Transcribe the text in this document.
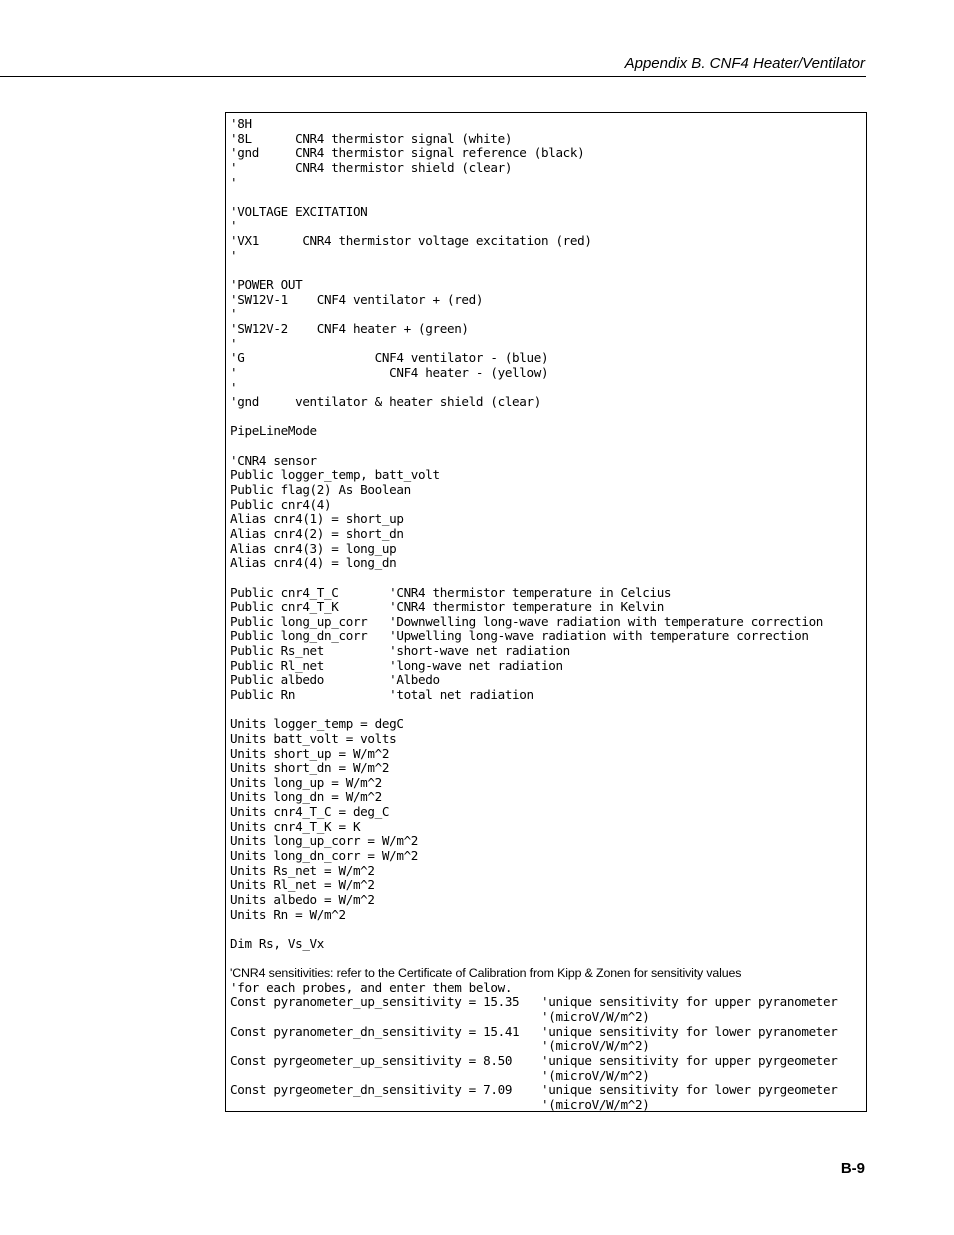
Appendix B. CNF4 Heater/Ventilator
'8H
'8L      CNR4 thermistor signal (white)
'gnd     CNR4 thermistor signal reference (black)
'        CNR4 thermistor shield (clear)
'
'VOLTAGE EXCITATION
'
'VX1      CNR4 thermistor voltage excitation (red)
'
'POWER OUT
'SW12V-1    CNF4 ventilator + (red)
'
'SW12V-2    CNF4 heater + (green)
'
'G                  CNF4 ventilator - (blue)
'                     CNF4 heater - (yellow)
'
'gnd     ventilator & heater shield (clear)
PipeLineMode
'CNR4 sensor
Public logger_temp, batt_volt
Public flag(2) As Boolean
Public cnr4(4)
Alias cnr4(1) = short_up
Alias cnr4(2) = short_dn
Alias cnr4(3) = long_up
Alias cnr4(4) = long_dn
Public cnr4_T_C       'CNR4 thermistor temperature in Celcius
Public cnr4_T_K       'CNR4 thermistor temperature in Kelvin
Public long_up_corr   'Downwelling long-wave radiation with temperature correction
Public long_dn_corr   'Upwelling long-wave radiation with temperature correction
Public Rs_net         'short-wave net radiation
Public Rl_net         'long-wave net radiation
Public albedo         'Albedo
Public Rn             'total net radiation
Units logger_temp = degC
Units batt_volt = volts
Units short_up = W/m^2
Units short_dn = W/m^2
Units long_up = W/m^2
Units long_dn = W/m^2
Units cnr4_T_C = deg_C
Units cnr4_T_K = K
Units long_up_corr = W/m^2
Units long_dn_corr = W/m^2
Units Rs_net = W/m^2
Units Rl_net = W/m^2
Units albedo = W/m^2
Units Rn = W/m^2
Dim Rs, Vs_Vx
'CNR4 sensitivities: refer to the Certificate of Calibration from Kipp & Zonen for sensitivity values
'for each probes, and enter them below.
Const pyranometer_up_sensitivity = 15.35   'unique sensitivity for upper pyranometer
'(microV/W/m^2)
Const pyranometer_dn_sensitivity = 15.41   'unique sensitivity for lower pyranometer
'(microV/W/m^2)
Const pyrgeometer_up_sensitivity = 8.50    'unique sensitivity for upper pyrgeometer
'(microV/W/m^2)
Const pyrgeometer_dn_sensitivity = 7.09    'unique sensitivity for lower pyrgeometer
'(microV/W/m^2)
B-9
